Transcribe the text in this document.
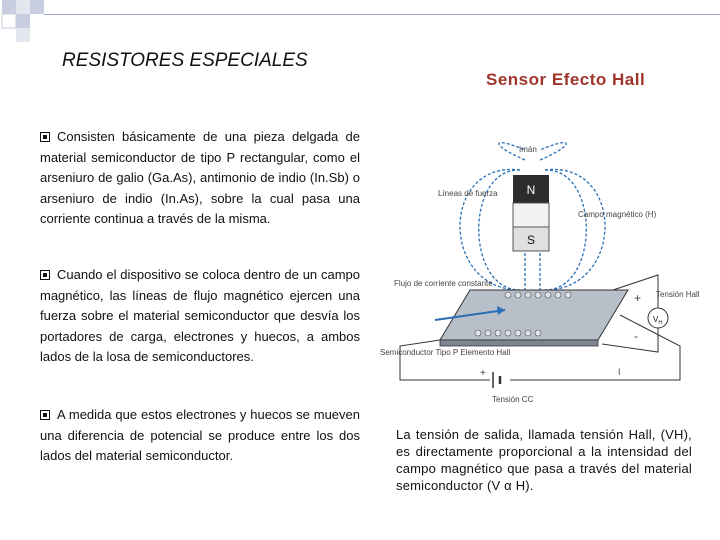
RESISTORES ESPECIALES
Sensor Efecto Hall

Consisten básicamente de una pieza delgada de material semiconductor de tipo P rectangular, como el arseniuro de galio (Ga.As), antimonio de indio (In.Sb) o arseniuro de indio (In.As), sobre la cual pasa una corriente continua a través de la misma.

Cuando el dispositivo se coloca dentro de un campo magnético, las líneas de flujo magnético ejercen una fuerza sobre el material semiconductor que desvía los portadores de carga, electrones y huecos, a ambos lados de la losa de semiconductores.

A medida que estos electrones y huecos se mueven una diferencia de potencial se produce entre los dos lados del material semiconductor.

N
S
Imán
Líneas de fuerza
Campo magnético (H)
$V_H$
+
-
Tensión Hall
+	I
Tensión CC
Flujo de corriente constante
Semiconductor Tipo P Elemento Hall

La tensión de salida, llamada tensión Hall, (VH), es directamente proporcional a la intensidad del campo magnético que pasa a través del material semiconductor (V α H).
